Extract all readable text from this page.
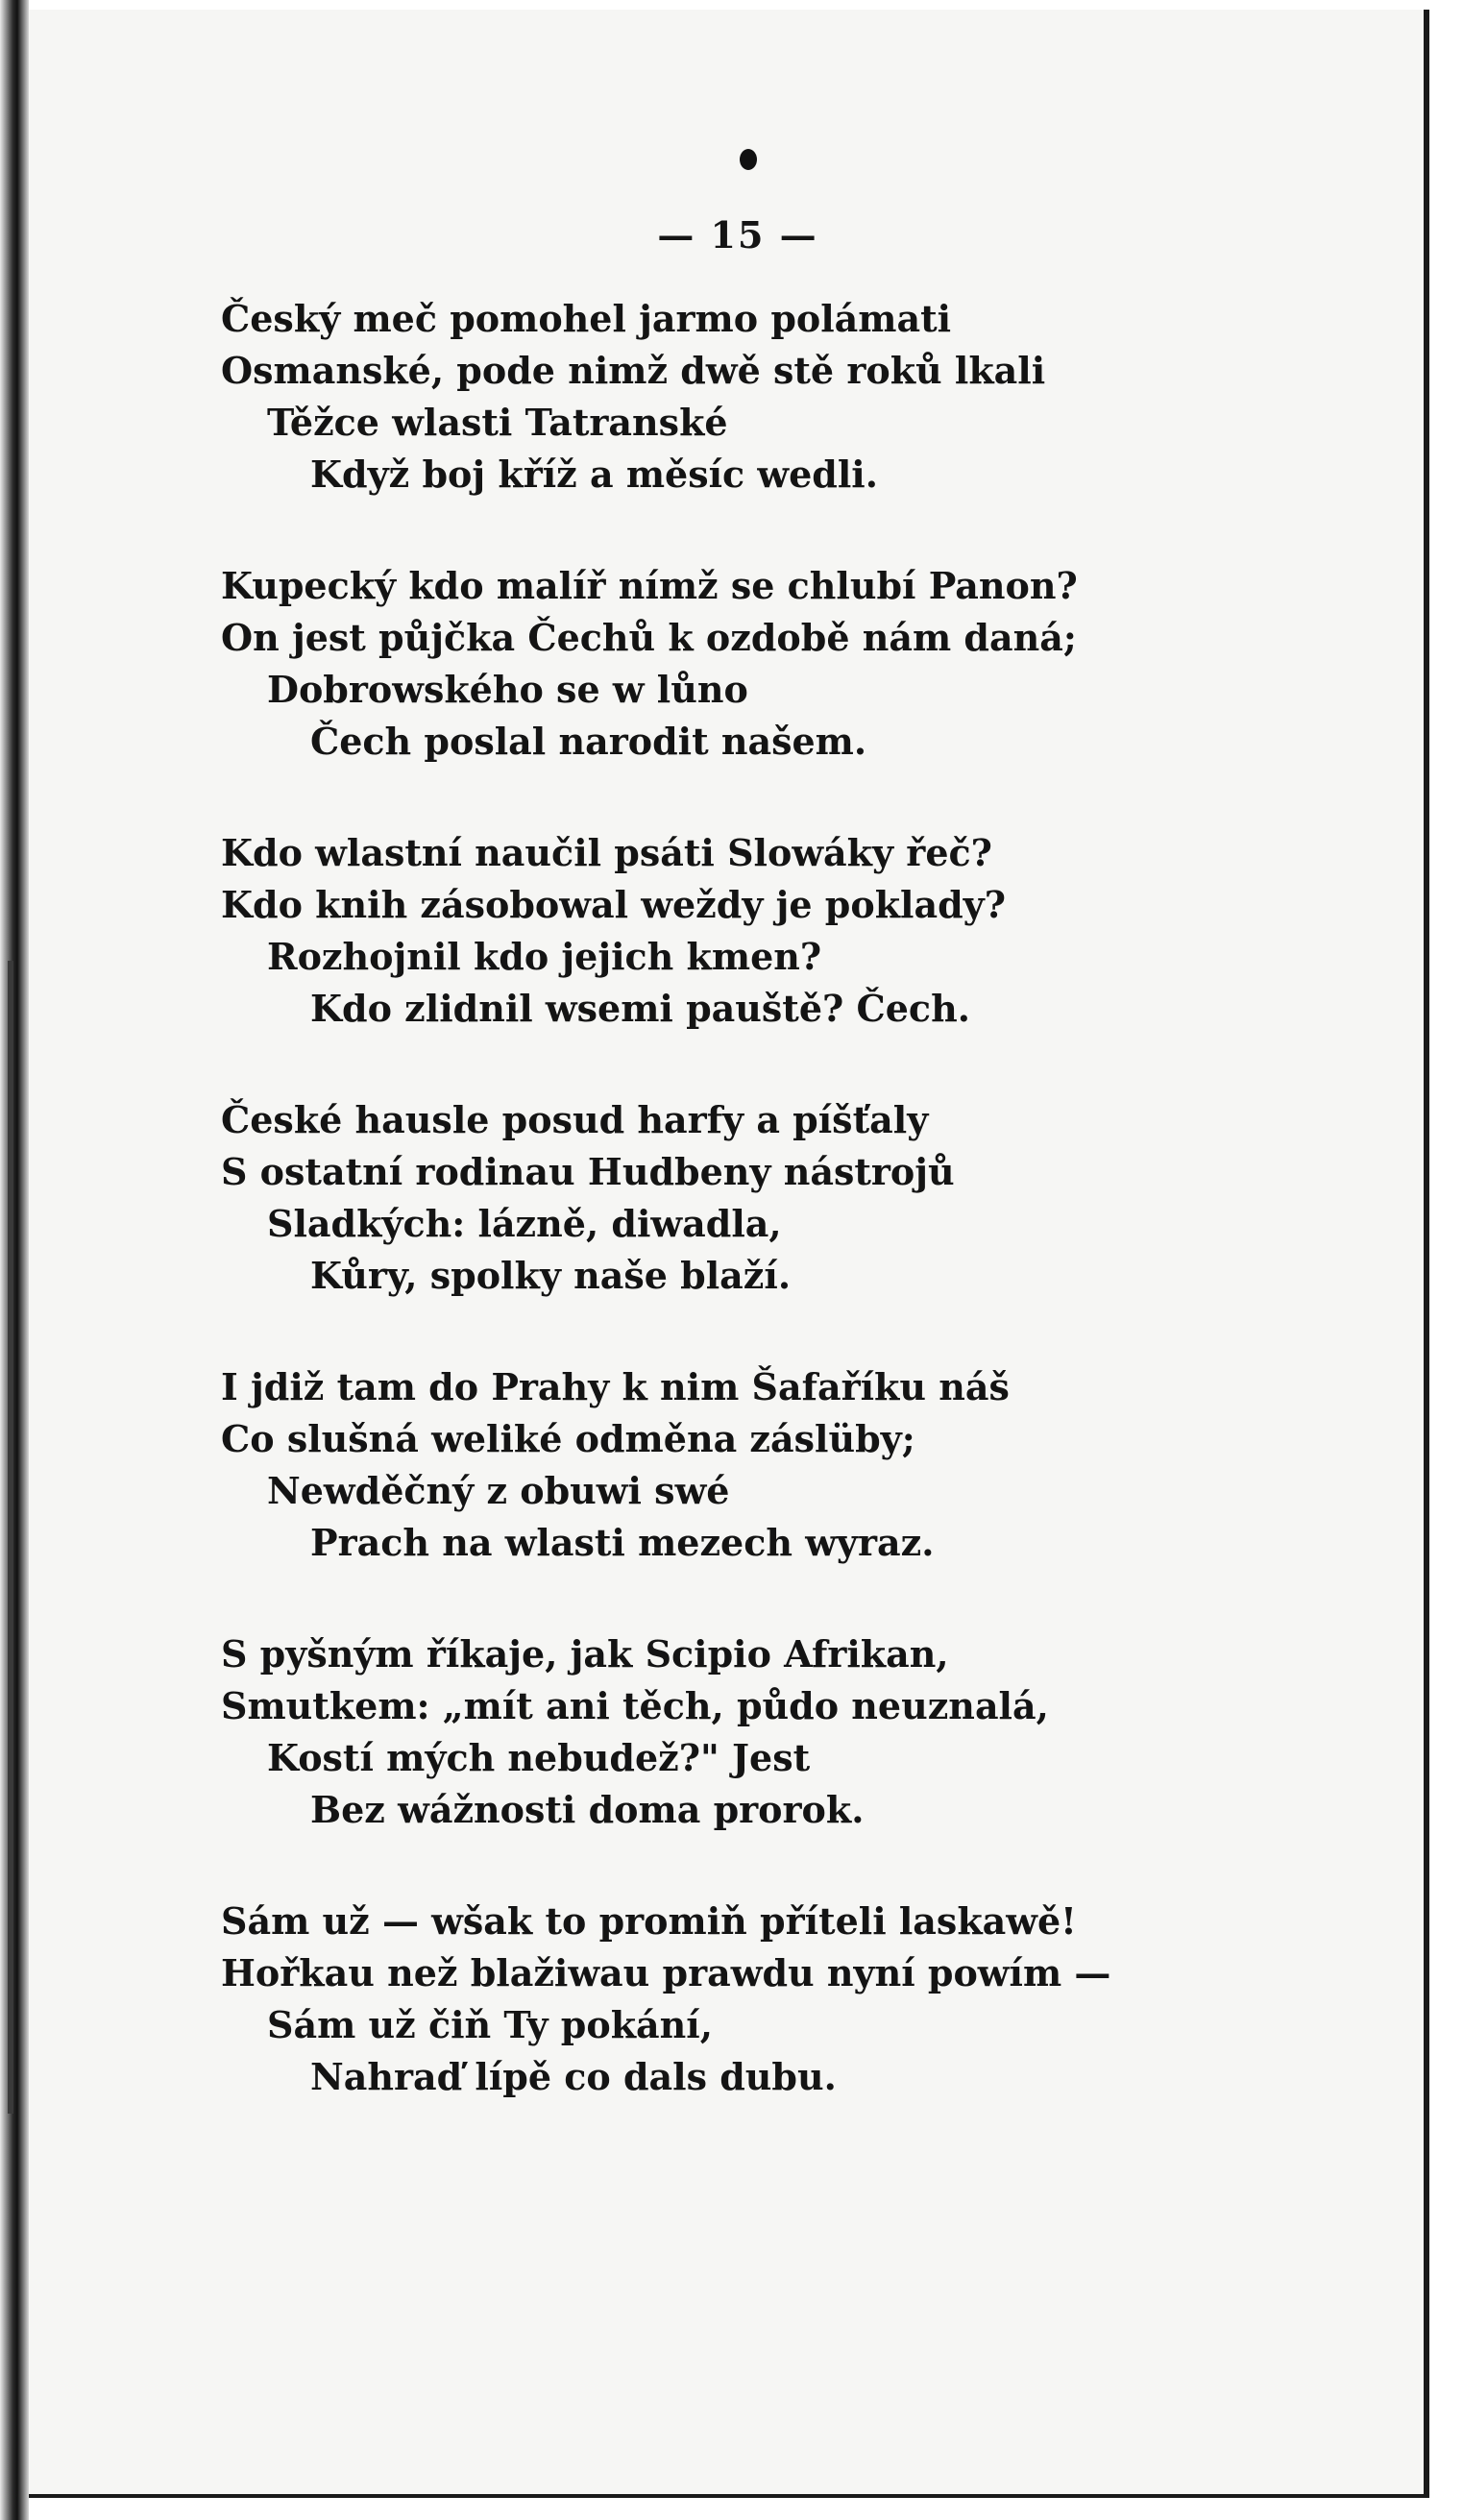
— 15 —
Český meč pomohel jarmo polámati
Osmanské, pode nimž dwě stě roků lkali
Těžce wlasti Tatranské
Když boj kříž a měsíc wedli.
Kupecký kdo malíř nímž se chlubí Panon?
On jest půjčka Čechů k ozdobě nám daná;
Dobrowského se w lůno
Čech poslal narodit našem.
Kdo wlastní naučil psáti Slowáky řeč?
Kdo knih zásobowal weždy je poklady?
Rozhojnil kdo jejich kmen?
Kdo zlidnil wsemi pauště? Čech.
České hausle posud harfy a píšťaly
S ostatní rodinau Hudbeny nástrojů
Sladkých: lázně, diwadla,
Kůry, spolky naše blaží.
I jdiž tam do Prahy k nim Šafaříku náš
Co slušná weliké odměna záslüby;
Newděčný z obuwi swé
Prach na wlasti mezech wyraz.
S pyšným říkaje, jak Scipio Afrikan,
Smutkem: „mít ani těch, půdo neuznalá,
Kostí mých nebudež?" Jest
Bez wážnosti doma prorok.
Sám už — wšak to promiň příteli laskawě!
Hořkau než blažiwau prawdu nyní powím —
Sám už čiň Ty pokání,
Nahraď lípě co dals dubu.
